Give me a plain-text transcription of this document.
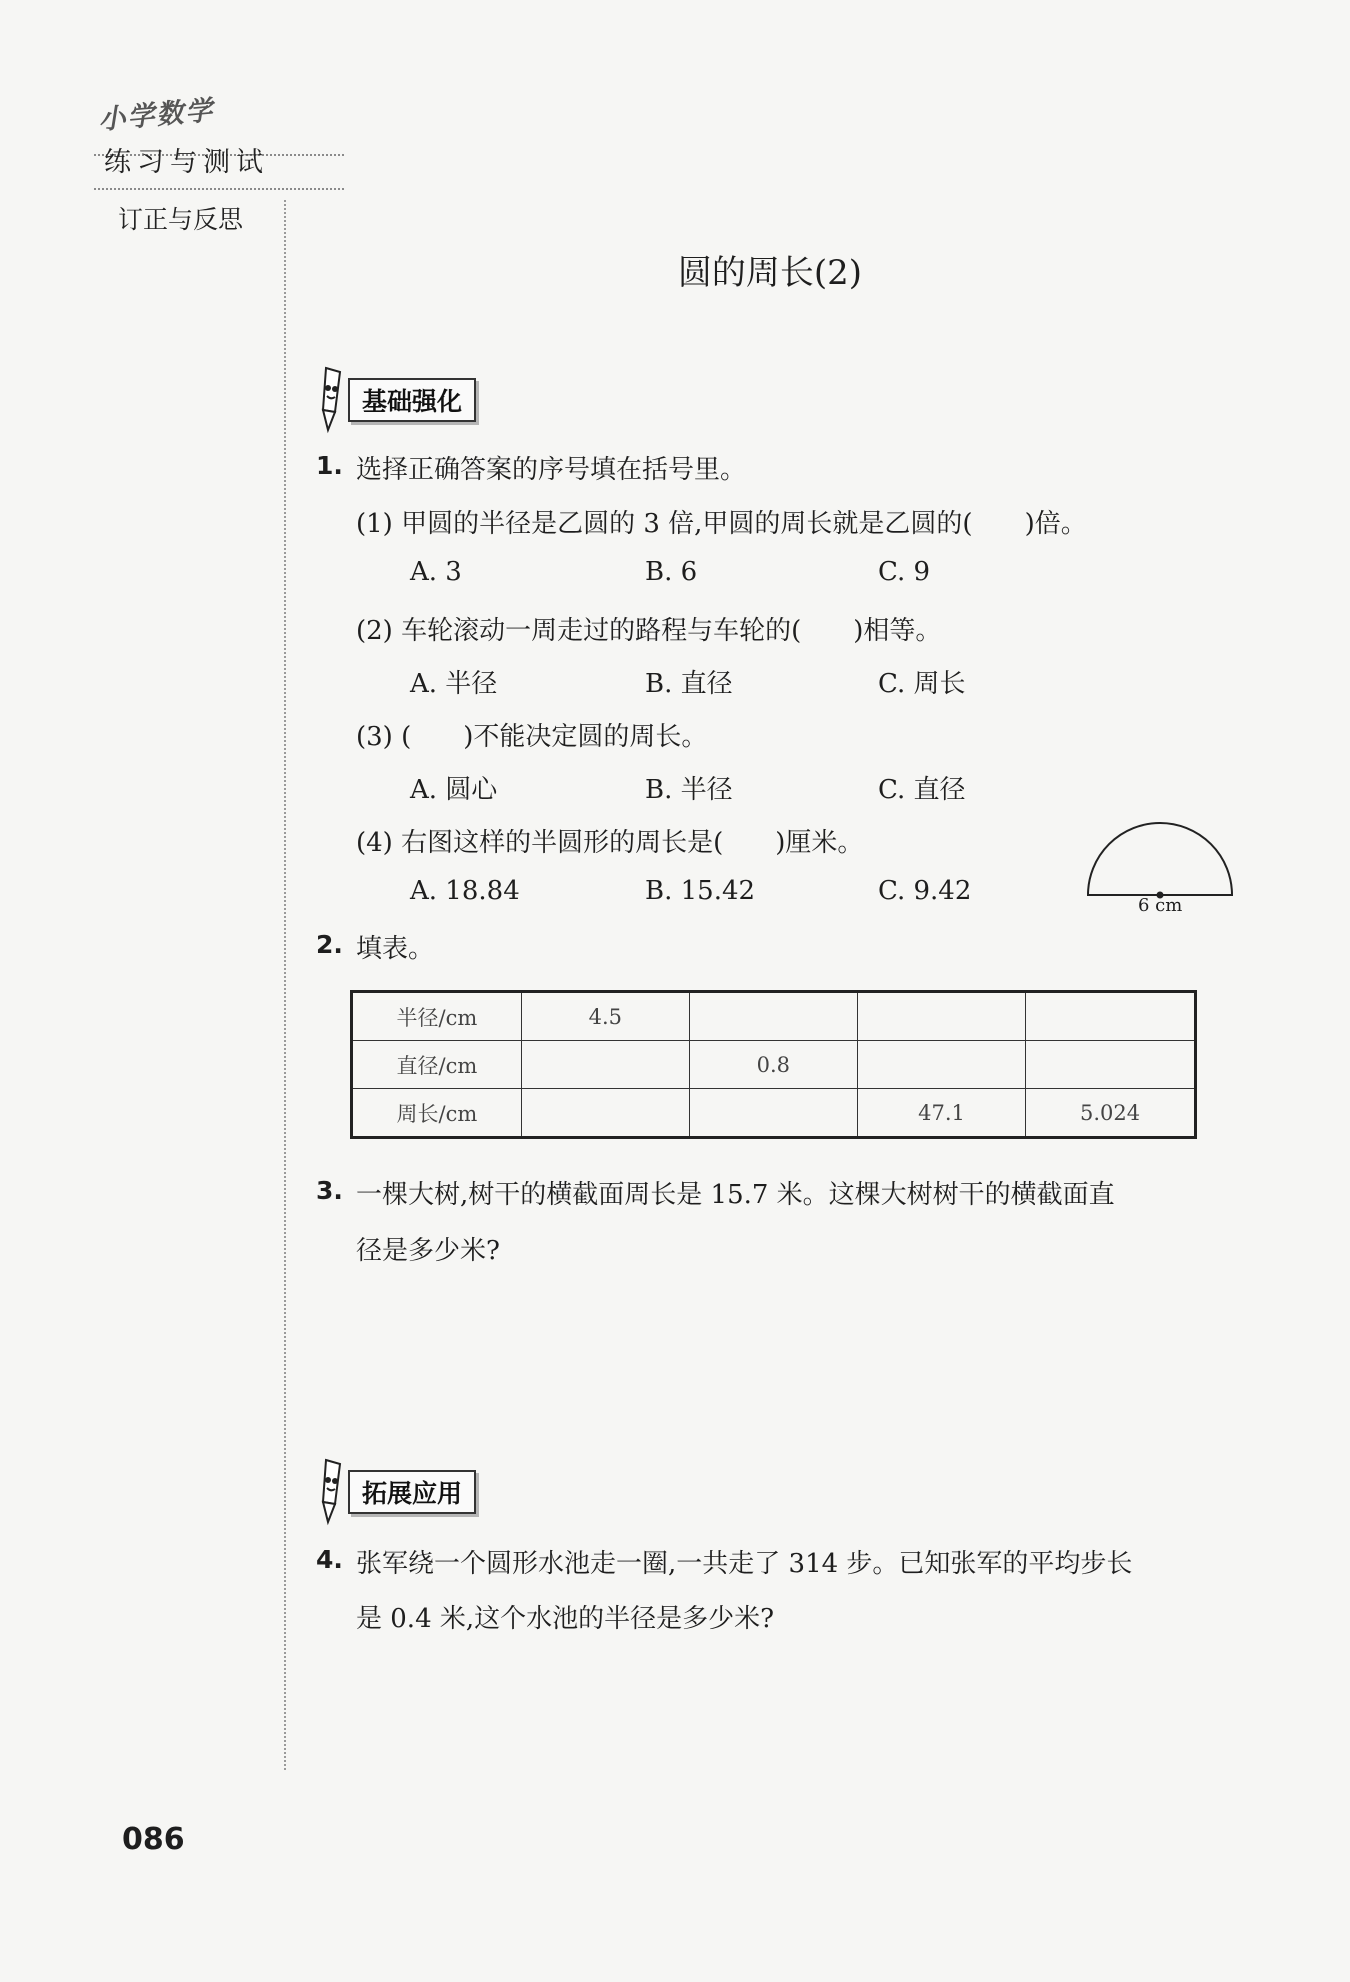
小学数学
练习与测试
订正与反思
圆的周长(2)
基础强化
1. 选择正确答案的序号填在括号里。
(1) 甲圆的半径是乙圆的 3 倍,甲圆的周长就是乙圆的(　　)倍。
A. 3	B. 6	C. 9
(2) 车轮滚动一周走过的路程与车轮的(　　)相等。
A. 半径	B. 直径	C. 周长
(3) (　　)不能决定圆的周长。
A. 圆心	B. 半径	C. 直径
(4) 右图这样的半圆形的周长是(　　)厘米。
A. 18.84	B. 15.42	C. 9.42	6 cm
2. 填表。
半径/cm	4.5			
直径/cm		0.8		
周长/cm			47.1	5.024
3. 一棵大树,树干的横截面周长是 15.7 米。这棵大树树干的横截面直
径是多少米?
拓展应用
4. 张军绕一个圆形水池走一圈,一共走了 314 步。已知张军的平均步长
是 0.4 米,这个水池的半径是多少米?
086
